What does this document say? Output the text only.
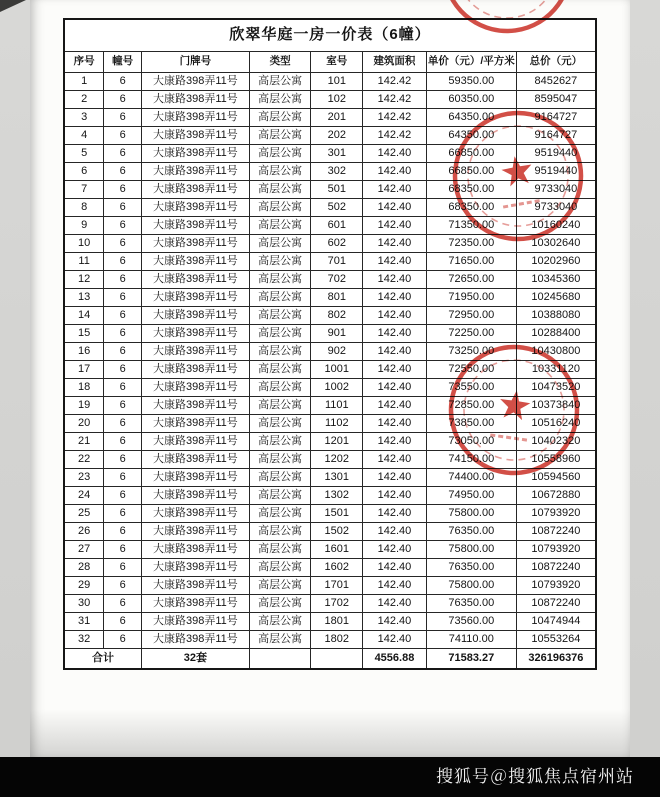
欣翠华庭一房一价表（6幢）							
序号	幢号	门牌号	类型	室号	建筑面积	单价（元）/平方米	总价（元）
1	6	大康路398弄11号	高层公寓	101	142.42	59350.00	8452627
2	6	大康路398弄11号	高层公寓	102	142.42	60350.00	8595047
3	6	大康路398弄11号	高层公寓	201	142.42	64350.00	9164727
4	6	大康路398弄11号	高层公寓	202	142.42	64350.00	9164727
5	6	大康路398弄11号	高层公寓	301	142.40	66850.00	9519440
6	6	大康路398弄11号	高层公寓	302	142.40	66850.00	9519440
7	6	大康路398弄11号	高层公寓	501	142.40	68350.00	9733040
8	6	大康路398弄11号	高层公寓	502	142.40	68350.00	9733040
9	6	大康路398弄11号	高层公寓	601	142.40	71350.00	10160240
10	6	大康路398弄11号	高层公寓	602	142.40	72350.00	10302640
11	6	大康路398弄11号	高层公寓	701	142.40	71650.00	10202960
12	6	大康路398弄11号	高层公寓	702	142.40	72650.00	10345360
13	6	大康路398弄11号	高层公寓	801	142.40	71950.00	10245680
14	6	大康路398弄11号	高层公寓	802	142.40	72950.00	10388080
15	6	大康路398弄11号	高层公寓	901	142.40	72250.00	10288400
16	6	大康路398弄11号	高层公寓	902	142.40	73250.00	10430800
17	6	大康路398弄11号	高层公寓	1001	142.40	72550.00	10331120
18	6	大康路398弄11号	高层公寓	1002	142.40	73550.00	10473520
19	6	大康路398弄11号	高层公寓	1101	142.40	72850.00	10373840
20	6	大康路398弄11号	高层公寓	1102	142.40	73850.00	10516240
21	6	大康路398弄11号	高层公寓	1201	142.40	73050.00	10402320
22	6	大康路398弄11号	高层公寓	1202	142.40	74150.00	10558960
23	6	大康路398弄11号	高层公寓	1301	142.40	74400.00	10594560
24	6	大康路398弄11号	高层公寓	1302	142.40	74950.00	10672880
25	6	大康路398弄11号	高层公寓	1501	142.40	75800.00	10793920
26	6	大康路398弄11号	高层公寓	1502	142.40	76350.00	10872240
27	6	大康路398弄11号	高层公寓	1601	142.40	75800.00	10793920
28	6	大康路398弄11号	高层公寓	1602	142.40	76350.00	10872240
29	6	大康路398弄11号	高层公寓	1701	142.40	75800.00	10793920
30	6	大康路398弄11号	高层公寓	1702	142.40	76350.00	10872240
31	6	大康路398弄11号	高层公寓	1801	142.40	73560.00	10474944
32	6	大康路398弄11号	高层公寓	1802	142.40	74110.00	10553264
合计		32套			4556.88	71583.27	326196376
搜狐号＠搜狐焦点宿州站
